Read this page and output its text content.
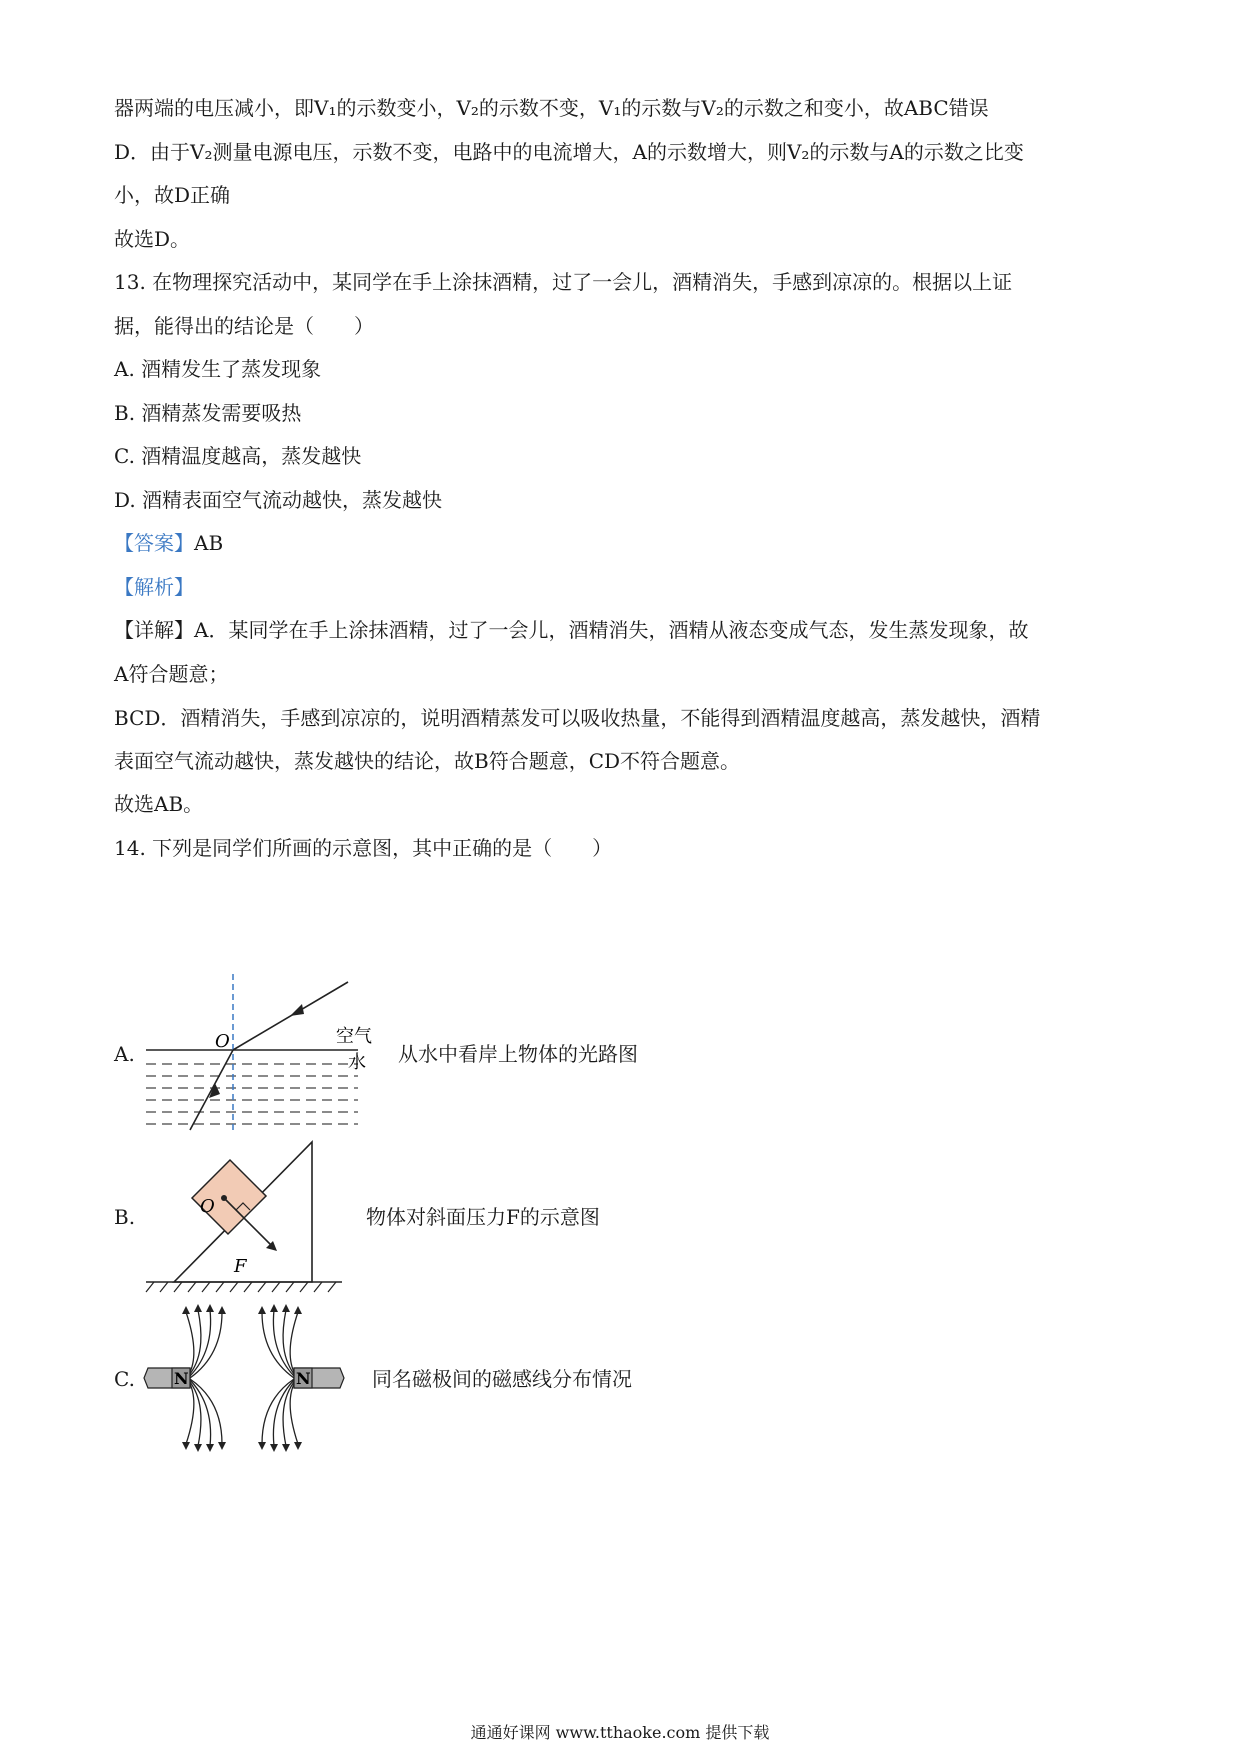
器两端的电压减小，即V₁的示数变小，V₂的示数不变，V₁的示数与V₂的示数之和变小，故ABC错误
D．由于V₂测量电源电压，示数不变，电路中的电流增大，A的示数增大，则V₂的示数与A的示数之比变
小，故D正确
故选D。
13. 在物理探究活动中，某同学在手上涂抹酒精，过了一会儿，酒精消失，手感到凉凉的。根据以上证
据，能得出的结论是（　　）
A. 酒精发生了蒸发现象
B. 酒精蒸发需要吸热
C. 酒精温度越高，蒸发越快
D. 酒精表面空气流动越快，蒸发越快
【答案】AB
【解析】
【详解】A．某同学在手上涂抹酒精，过了一会儿，酒精消失，酒精从液态变成气态，发生蒸发现象，故
A符合题意；
BCD．酒精消失，手感到凉凉的，说明酒精蒸发可以吸收热量，不能得到酒精温度越高，蒸发越快，酒精
表面空气流动越快，蒸发越快的结论，故B符合题意，CD不符合题意。
故选AB。
14. 下列是同学们所画的示意图，其中正确的是（　　）
A.
O	空气
水 从水中看岸上物体的光路图
B.	O
F
物体对斜面压力F的示意图
C. N	N	同名磁极间的磁感线分布情况
通通好课网 www.tthaoke.com 提供下载
